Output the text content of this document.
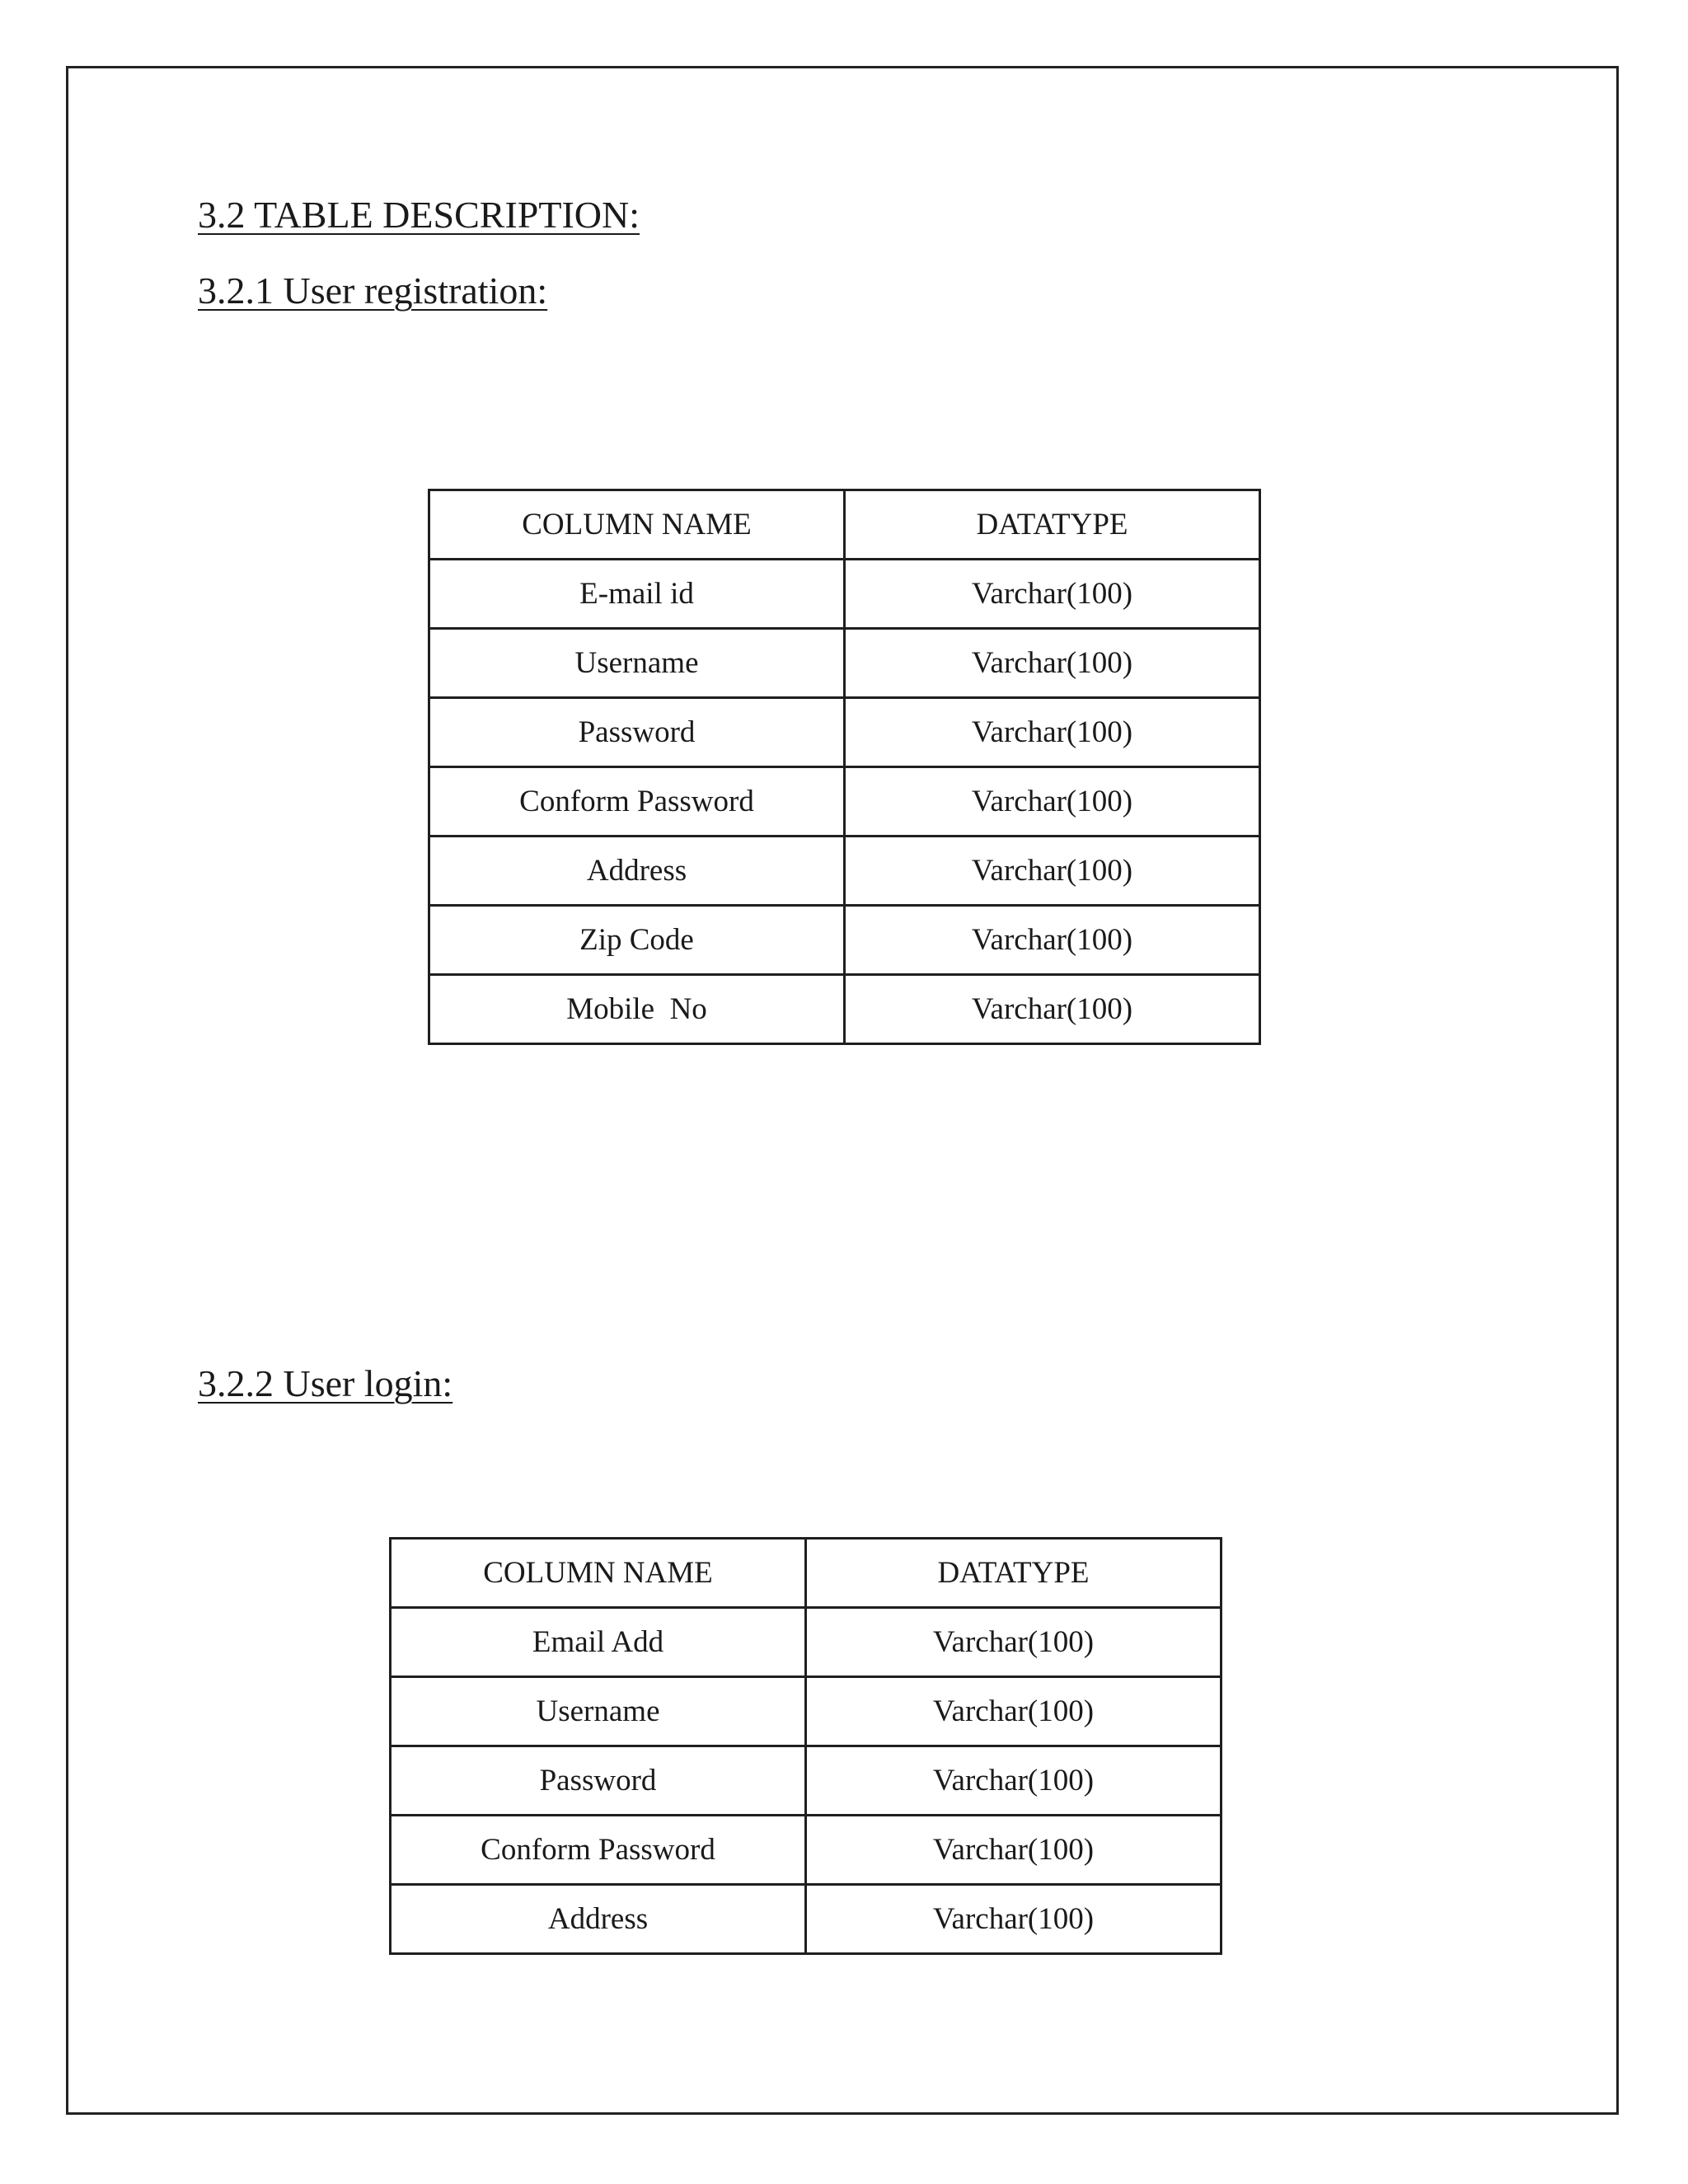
3.2 TABLE DESCRIPTION:
3.2.1 User registration:
COLUMN NAME	DATATYPE
E-mail id	Varchar(100)
Username	Varchar(100)
Password	Varchar(100)
Conform Password	Varchar(100)
Address	Varchar(100)
Zip Code	Varchar(100)
Mobile  No	Varchar(100)
3.2.2 User login:
COLUMN NAME	DATATYPE
Email Add	Varchar(100)
Username	Varchar(100)
Password	Varchar(100)
Conform Password	Varchar(100)
Address	Varchar(100)
